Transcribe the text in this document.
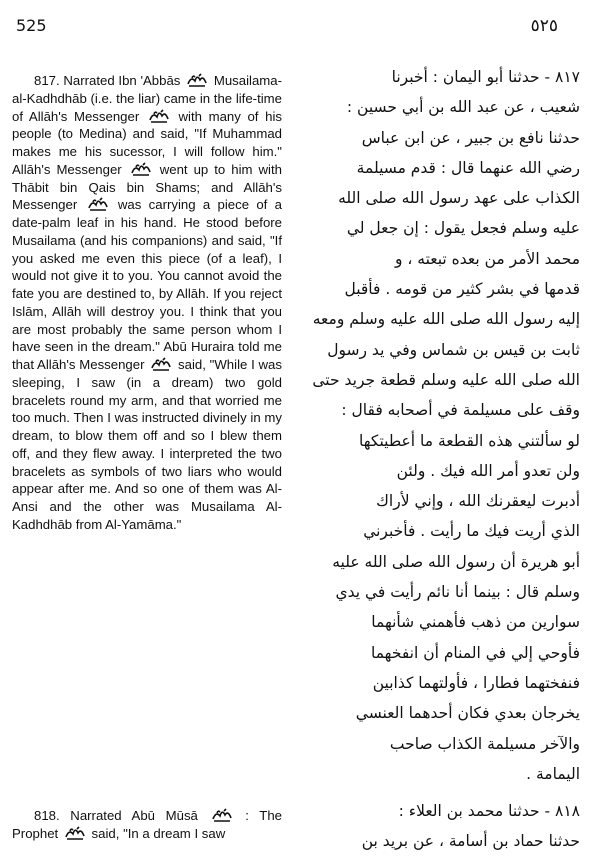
525	٥٢٥

817. Narrated Ibn 'Abbās	Musailama-al-Kadhdhāb (i.e. the liar) came in the life-time of Allāh's Messenger	with many of his people (to Medina) and said, "If Muhammad makes me his sucessor, I will follow him." Allāh's Messenger	went up to him with Thābit bin Qais bin Shams; and Allāh's Messenger	was carrying a piece of a date-palm leaf in his hand. He stood before Musailama (and his companions) and said, "If you asked me even this piece (of a leaf), I would not give it to you. You cannot avoid the fate you are destined to, by Allāh. If you reject Islām, Allāh will destroy you. I think that you are most probably the same person whom I have seen in the dream." Abū Huraira told me that Allāh's Messenger	said, "While I was sleeping, I saw (in a dream) two gold bracelets round my arm, and that worried me too much. Then I was instructed divinely in my dream, to blow them off and so I blew them off, and they flew away. I interpreted the two bracelets as symbols of two liars who would appear after me. And so one of them was Al-Ansi and the other was Musailama Al-Kadhdhāb from Al-Yamāma."

818. Narrated Abū Mūsā	: The Prophet	said, "In a dream I saw

٨١٧ - حدثنا أبو اليمان : أخبرنا
شعيب ، عن عبد الله بن أبي حسين :
حدثنا نافع بن جبير ، عن ابن عباس
رضي الله عنهما قال : قدم مسيلمة
الكذاب على عهد رسول الله صلى الله
عليه وسلم فجعل يقول : إن جعل لي
محمد الأمر من بعده تبعته ، و
قدمها في بشر كثير من قومه . فأقبل
إليه رسول الله صلى الله عليه وسلم ومعه
ثابت بن قيس بن شماس وفي يد رسول
الله صلى الله عليه وسلم قطعة جريد حتى
وقف على مسيلمة في أصحابه فقال :
لو سألتني هذه القطعة ما أعطيتكها
ولن تعدو أمر الله فيك . ولئن
أدبرت ليعقرنك الله ، وإني لأراك
الذي أريت فيك ما رأيت . فأخبرني
أبو هريرة أن رسول الله صلى الله عليه
وسلم قال : بينما أنا نائم رأيت في يدي
سوارين من ذهب فأهمني شأنهما
فأوحي إلي في المنام أن انفخهما
فنفختهما فطارا ، فأولتهما كذابين
يخرجان بعدي فكان أحدهما العنسي
والآخر مسيلمة الكذاب صاحب
اليمامة .
٨١٨ - حدثنا محمد بن العلاء :
حدثنا حماد بن أسامة ، عن بريد بن
